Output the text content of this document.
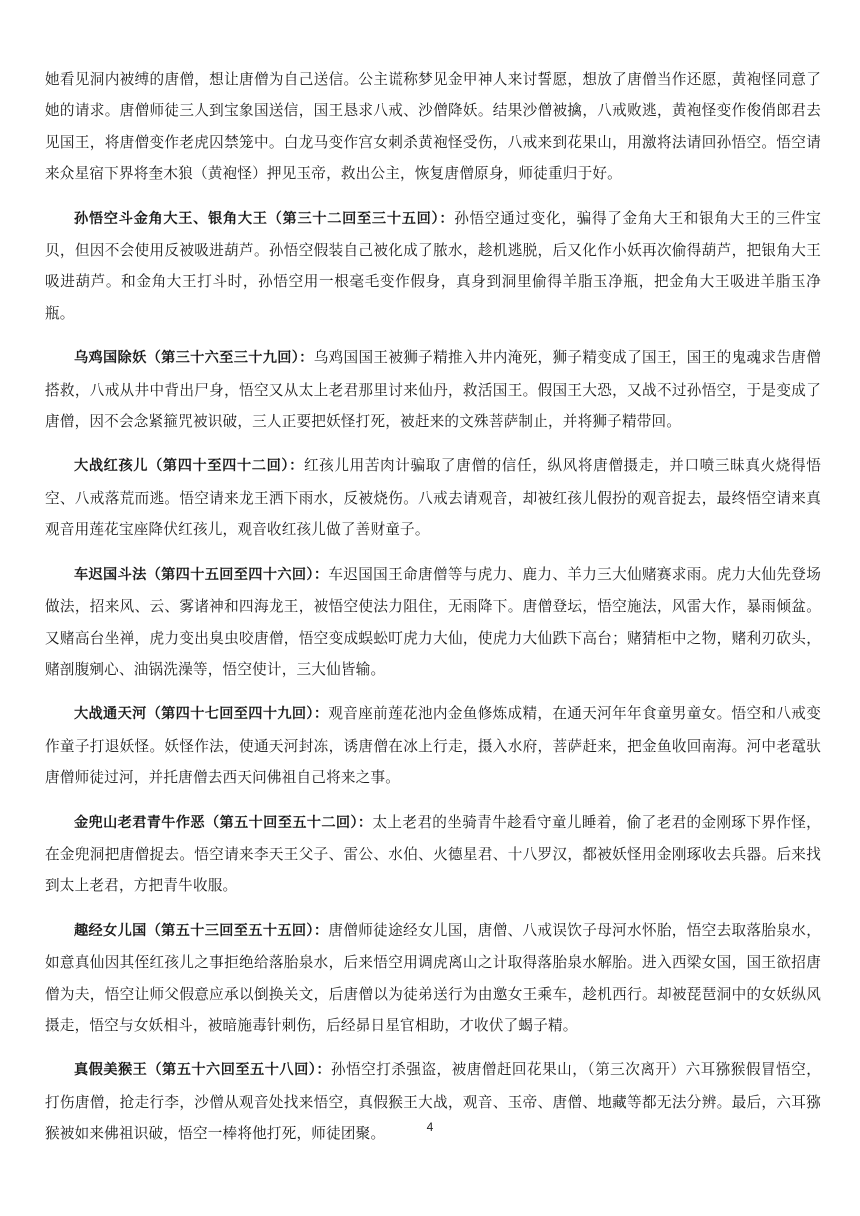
她看见洞内被缚的唐僧，想让唐僧为自己送信。公主谎称梦见金甲神人来讨誓愿，想放了唐僧当作还愿，黄袍怪同意了她的请求。唐僧师徒三人到宝象国送信，国王恳求八戒、沙僧降妖。结果沙僧被擒，八戒败逃，黄袍怪变作俊俏郎君去见国王，将唐僧变作老虎囚禁笼中。白龙马变作宫女刺杀黄袍怪受伤，八戒来到花果山，用激将法请回孙悟空。悟空请来众星宿下界将奎木狼（黄袍怪）押见玉帝，救出公主，恢复唐僧原身，师徒重归于好。

孙悟空斗金角大王、银角大王（第三十二回至三十五回）：孙悟空通过变化，骗得了金角大王和银角大王的三件宝贝，但因不会使用反被吸进葫芦。孙悟空假装自己被化成了脓水，趁机逃脱，后又化作小妖再次偷得葫芦，把银角大王吸进葫芦。和金角大王打斗时，孙悟空用一根毫毛变作假身，真身到洞里偷得羊脂玉净瓶，把金角大王吸进羊脂玉净瓶。

乌鸡国除妖（第三十六至三十九回）：乌鸡国国王被狮子精推入井内淹死，狮子精变成了国王，国王的鬼魂求告唐僧搭救，八戒从井中背出尸身，悟空又从太上老君那里讨来仙丹，救活国王。假国王大恐，又战不过孙悟空，于是变成了唐僧，因不会念紧箍咒被识破，三人正要把妖怪打死，被赶来的文殊菩萨制止，并将狮子精带回。

大战红孩儿（第四十至四十二回）：红孩儿用苦肉计骗取了唐僧的信任，纵风将唐僧摄走，并口喷三昧真火烧得悟空、八戒落荒而逃。悟空请来龙王洒下雨水，反被烧伤。八戒去请观音，却被红孩儿假扮的观音捉去，最终悟空请来真观音用莲花宝座降伏红孩儿，观音收红孩儿做了善财童子。

车迟国斗法（第四十五回至四十六回）：车迟国国王命唐僧等与虎力、鹿力、羊力三大仙赌赛求雨。虎力大仙先登场做法，招来风、云、雾诸神和四海龙王，被悟空使法力阻住，无雨降下。唐僧登坛，悟空施法，风雷大作，暴雨倾盆。又赌高台坐禅，虎力变出臭虫咬唐僧，悟空变成蜈蚣叮虎力大仙，使虎力大仙跌下高台；赌猜柜中之物，赌利刃砍头，赌剖腹剜心、油锅洗澡等，悟空使计，三大仙皆输。

大战通天河（第四十七回至四十九回）：观音座前莲花池内金鱼修炼成精，在通天河年年食童男童女。悟空和八戒变作童子打退妖怪。妖怪作法，使通天河封冻，诱唐僧在冰上行走，摄入水府，菩萨赶来，把金鱼收回南海。河中老鼋驮唐僧师徒过河，并托唐僧去西天问佛祖自己将来之事。

金兜山老君青牛作恶（第五十回至五十二回）：太上老君的坐骑青牛趁看守童儿睡着，偷了老君的金刚琢下界作怪，在金兜洞把唐僧捉去。悟空请来李天王父子、雷公、水伯、火德星君、十八罗汉，都被妖怪用金刚琢收去兵器。后来找到太上老君，方把青牛收服。

趣经女儿国（第五十三回至五十五回）：唐僧师徒途经女儿国，唐僧、八戒误饮子母河水怀胎，悟空去取落胎泉水，如意真仙因其侄红孩儿之事拒绝给落胎泉水，后来悟空用调虎离山之计取得落胎泉水解胎。进入西梁女国，国王欲招唐僧为夫，悟空让师父假意应承以倒换关文，后唐僧以为徒弟送行为由邀女王乘车，趁机西行。却被琵琶洞中的女妖纵风摄走，悟空与女妖相斗，被暗施毒针刺伤，后经昴日星官相助，才收伏了蝎子精。

真假美猴王（第五十六回至五十八回）：孙悟空打杀强盗，被唐僧赶回花果山，（第三次离开）六耳猕猴假冒悟空，打伤唐僧，抢走行李，沙僧从观音处找来悟空，真假猴王大战，观音、玉帝、唐僧、地藏等都无法分辨。最后，六耳猕猴被如来佛祖识破，悟空一棒将他打死，师徒团聚。	4
